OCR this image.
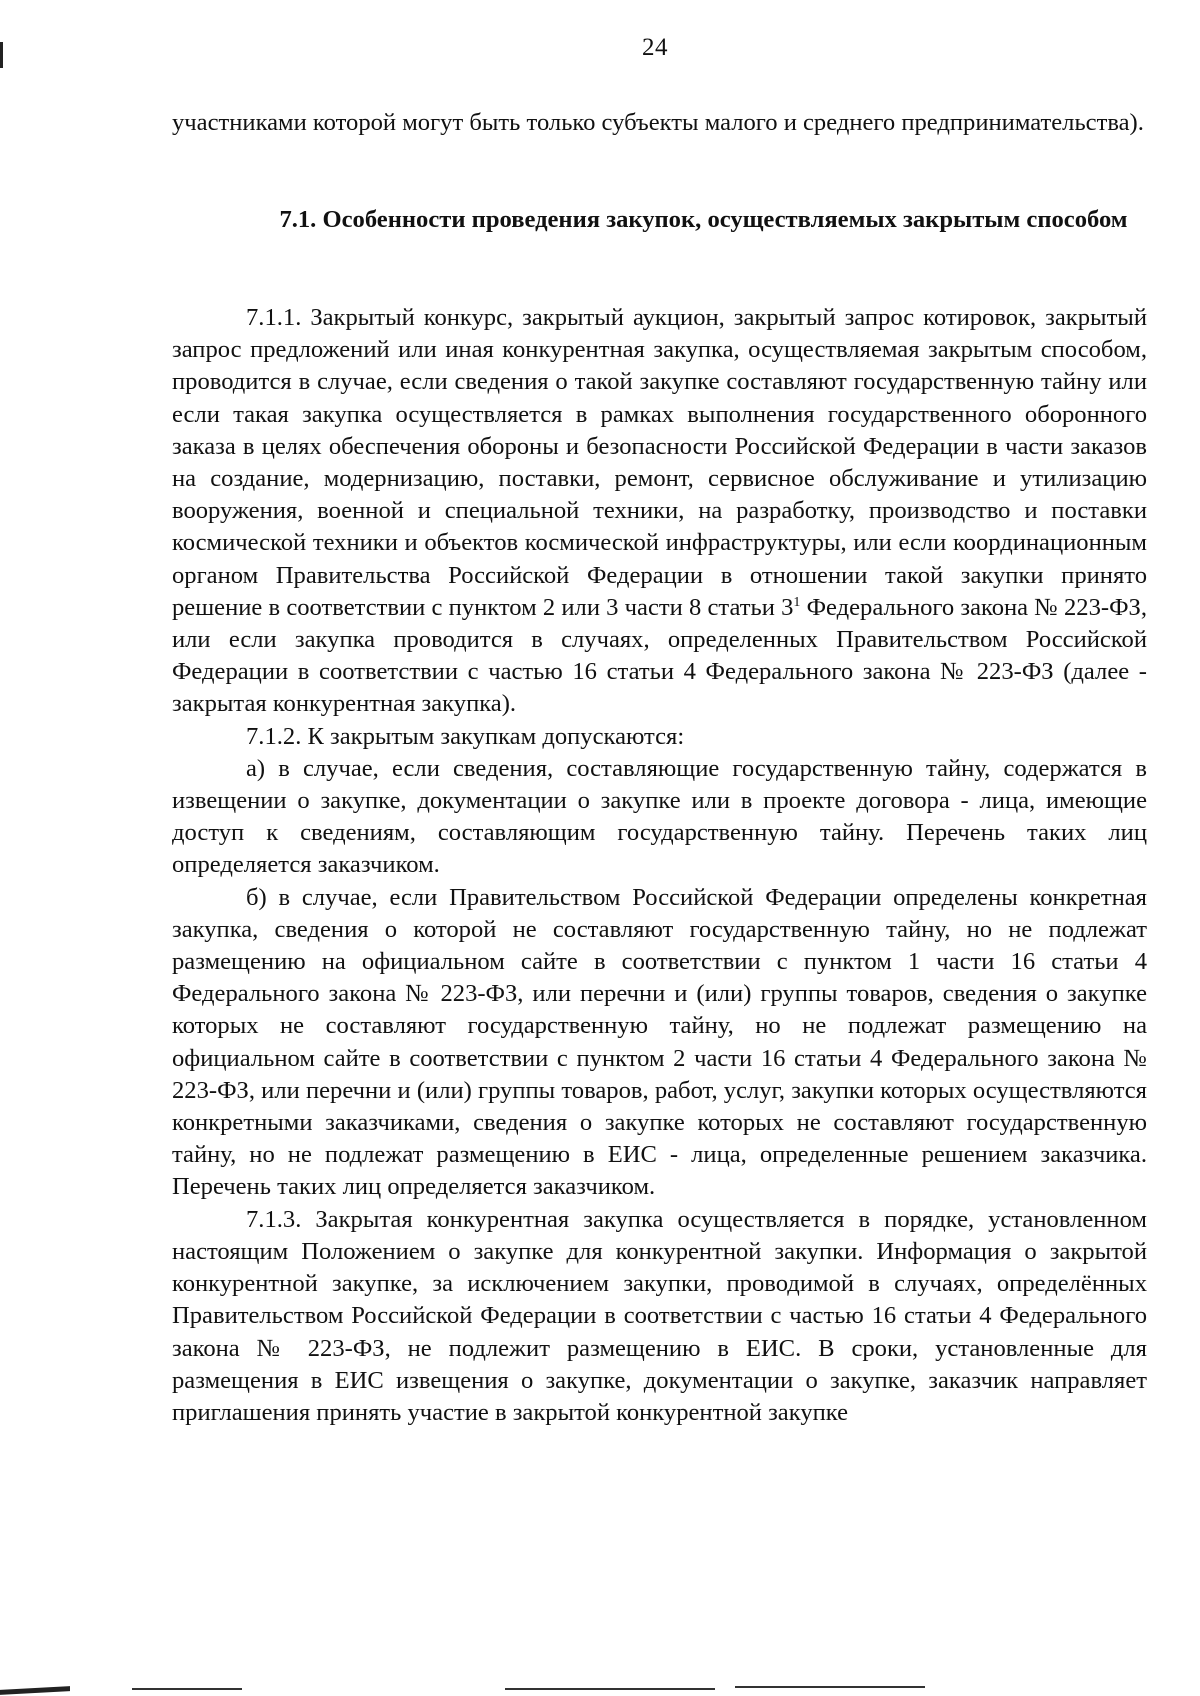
24
участниками которой могут быть только субъекты малого и среднего предпринимательства).
7.1. Особенности проведения закупок, осуществляемых закрытым способом

7.1.1. Закрытый конкурс, закрытый аукцион, закрытый запрос котировок, закрытый запрос предложений или иная конкурентная закупка, осуществляемая закрытым способом, проводится в случае, если сведения о такой закупке составляют государственную тайну или если такая закупка осуществляется в рамках выполнения государственного оборонного заказа в целях обеспечения обороны и безопасности Российской Федерации в части заказов на создание, модернизацию, поставки, ремонт, сервисное обслуживание и утилизацию вооружения, военной и специальной техники, на разработку, производство и поставки космической техники и объектов космической инфраструктуры, или если координационным органом Правительства Российской Федерации в отношении такой закупки принято решение в соответствии с пунктом 2 или 3 части 8 статьи $3^1$ Федерального закона № 223-ФЗ, или если закупка проводится в случаях, определенных Правительством Российской Федерации в соответствии с частью 16 статьи 4 Федерального закона № 223-ФЗ (далее - закрытая конкурентная закупка).

7.1.2. К закрытым закупкам допускаются:

а) в случае, если сведения, составляющие государственную тайну, содержатся в извещении о закупке, документации о закупке или в проекте договора - лица, имеющие доступ к сведениям, составляющим государственную тайну. Перечень таких лиц определяется заказчиком.

б) в случае, если Правительством Российской Федерации определены конкретная закупка, сведения о которой не составляют государственную тайну, но не подлежат размещению на официальном сайте в соответствии с пунктом 1 части 16 статьи 4 Федерального закона № 223-ФЗ, или перечни и (или) группы товаров, сведения о закупке которых не составляют государственную тайну, но не подлежат размещению на официальном сайте в соответствии с пунктом 2 части 16 статьи 4 Федерального закона № 223-ФЗ, или перечни и (или) группы товаров, работ, услуг, закупки которых осуществляются конкретными заказчиками, сведения о закупке которых не составляют государственную тайну, но не подлежат размещению в ЕИС - лица, определенные решением заказчика. Перечень таких лиц определяется заказчиком.

7.1.3. Закрытая конкурентная закупка осуществляется в порядке, установленном настоящим Положением о закупке для конкурентной закупки. Информация о закрытой конкурентной закупке, за исключением закупки, проводимой в случаях, определённых Правительством Российской Федерации в соответствии с частью 16 статьи 4 Федерального закона № 223-ФЗ, не подлежит размещению в ЕИС. В сроки, установленные для размещения в ЕИС извещения о закупке, документации о закупке, заказчик направляет приглашения принять участие в закрытой конкурентной закупке
